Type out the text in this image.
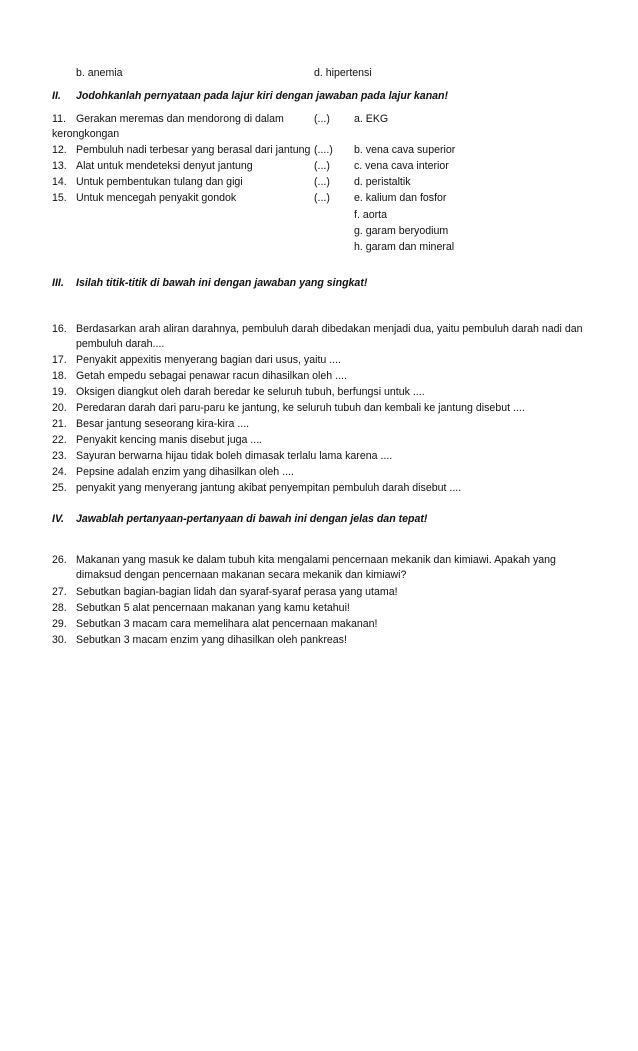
b. anemia	d. hipertensi
II. Jodohkanlah pernyataan pada lajur kiri dengan jawaban pada lajur kanan!
11. Gerakan meremas dan mendorong di dalam	(...) a. EKG
kerongkongan
12. Pembuluh nadi terbesar yang berasal dari jantung (....) b. vena cava superior
13. Alat untuk mendeteksi denyut jantung	(...) c. vena cava interior
14. Untuk pembentukan tulang dan gigi	(...) d. peristaltik
15. Untuk mencegah penyakit gondok	(...) e. kalium dan fosfor
f. aorta
g. garam beryodium
h. garam dan mineral
III. Isilah titik-titik di bawah ini dengan jawaban yang singkat!
16. Berdasarkan arah aliran darahnya, pembuluh darah dibedakan menjadi dua, yaitu pembuluh darah nadi dan pembuluh darah....
17. Penyakit appexitis menyerang bagian dari usus, yaitu ....
18. Getah empedu sebagai penawar racun dihasilkan oleh ....
19. Oksigen diangkut oleh darah beredar ke seluruh tubuh, berfungsi untuk ....
20. Peredaran darah dari paru-paru ke jantung, ke seluruh tubuh dan kembali ke jantung disebut ....
21. Besar jantung seseorang kira-kira ....
22. Penyakit kencing manis disebut juga ....
23. Sayuran berwarna hijau tidak boleh dimasak terlalu lama karena ....
24. Pepsine adalah enzim yang dihasilkan oleh ....
25. penyakit yang menyerang jantung akibat penyempitan pembuluh darah disebut ....
IV. Jawablah pertanyaan-pertanyaan di bawah ini dengan jelas dan tepat!
26. Makanan yang masuk ke dalam tubuh kita mengalami pencernaan mekanik dan kimiawi. Apakah yang dimaksud dengan pencernaan makanan secara mekanik dan kimiawi?
27. Sebutkan bagian-bagian lidah dan syaraf-syaraf perasa yang utama!
28. Sebutkan 5 alat pencernaan makanan yang kamu ketahui!
29. Sebutkan 3 macam cara memelihara alat pencernaan makanan!
30. Sebutkan 3 macam enzim yang dihasilkan oleh pankreas!
